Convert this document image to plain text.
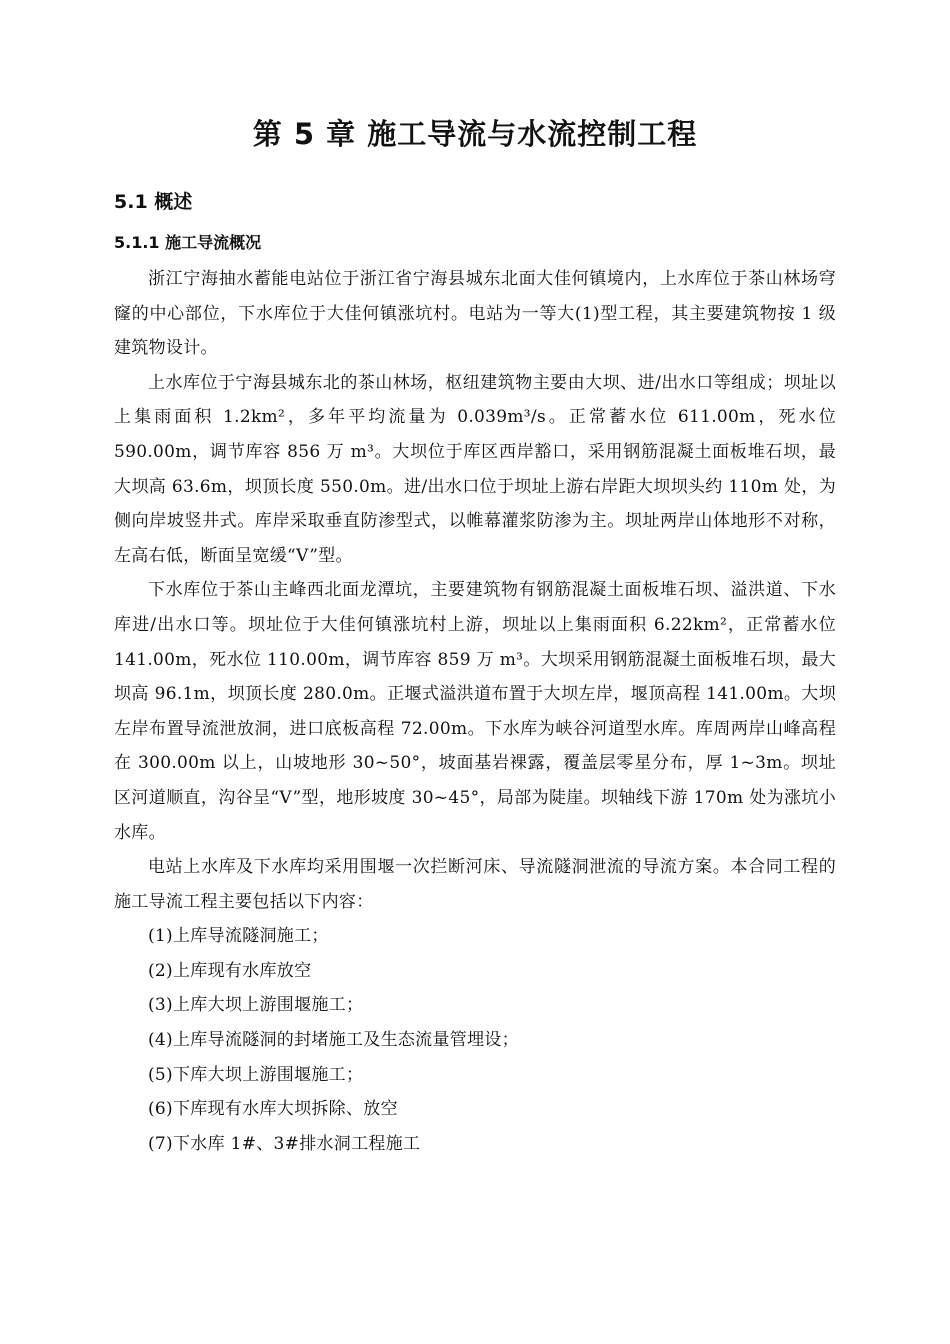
第 5 章 施工导流与水流控制工程
5.1 概述
5.1.1 施工导流概况

浙江宁海抽水蓄能电站位于浙江省宁海县城东北面大佳何镇境内，上水库位于茶山林场穹窿的中心部位，下水库位于大佳何镇涨坑村。电站为一等大(1)型工程，其主要建筑物按 1 级建筑物设计。

上水库位于宁海县城东北的茶山林场，枢纽建筑物主要由大坝、进/出水口等组成；坝址以上集雨面积 1.2km²，多年平均流量为 0.039m³/s。正常蓄水位 611.00m，死水位 590.00m，调节库容 856 万 m³。大坝位于库区西岸豁口，采用钢筋混凝土面板堆石坝，最大坝高 63.6m，坝顶长度 550.0m。进/出水口位于坝址上游右岸距大坝坝头约 110m 处，为侧向岸坡竖井式。库岸采取垂直防渗型式，以帷幕灌浆防渗为主。坝址两岸山体地形不对称，左高右低，断面呈宽缓“V”型。

下水库位于茶山主峰西北面龙潭坑，主要建筑物有钢筋混凝土面板堆石坝、溢洪道、下水库进/出水口等。坝址位于大佳何镇涨坑村上游，坝址以上集雨面积 6.22km²，正常蓄水位 141.00m，死水位 110.00m，调节库容 859 万 m³。大坝采用钢筋混凝土面板堆石坝，最大坝高 96.1m，坝顶长度 280.0m。正堰式溢洪道布置于大坝左岸，堰顶高程 141.00m。大坝左岸布置导流泄放洞，进口底板高程 72.00m。下水库为峡谷河道型水库。库周两岸山峰高程在 300.00m 以上，山坡地形 30~50°，坡面基岩裸露，覆盖层零星分布，厚 1~3m。坝址区河道顺直，沟谷呈“V”型，地形坡度 30~45°，局部为陡崖。坝轴线下游 170m 处为涨坑小水库。

电站上水库及下水库均采用围堰一次拦断河床、导流隧洞泄流的导流方案。本合同工程的施工导流工程主要包括以下内容：

(1)上库导流隧洞施工；
(2)上库现有水库放空
(3)上库大坝上游围堰施工；
(4)上库导流隧洞的封堵施工及生态流量管埋设；
(5)下库大坝上游围堰施工；
(6)下库现有水库大坝拆除、放空
(7)下水库 1#、3#排水洞工程施工
